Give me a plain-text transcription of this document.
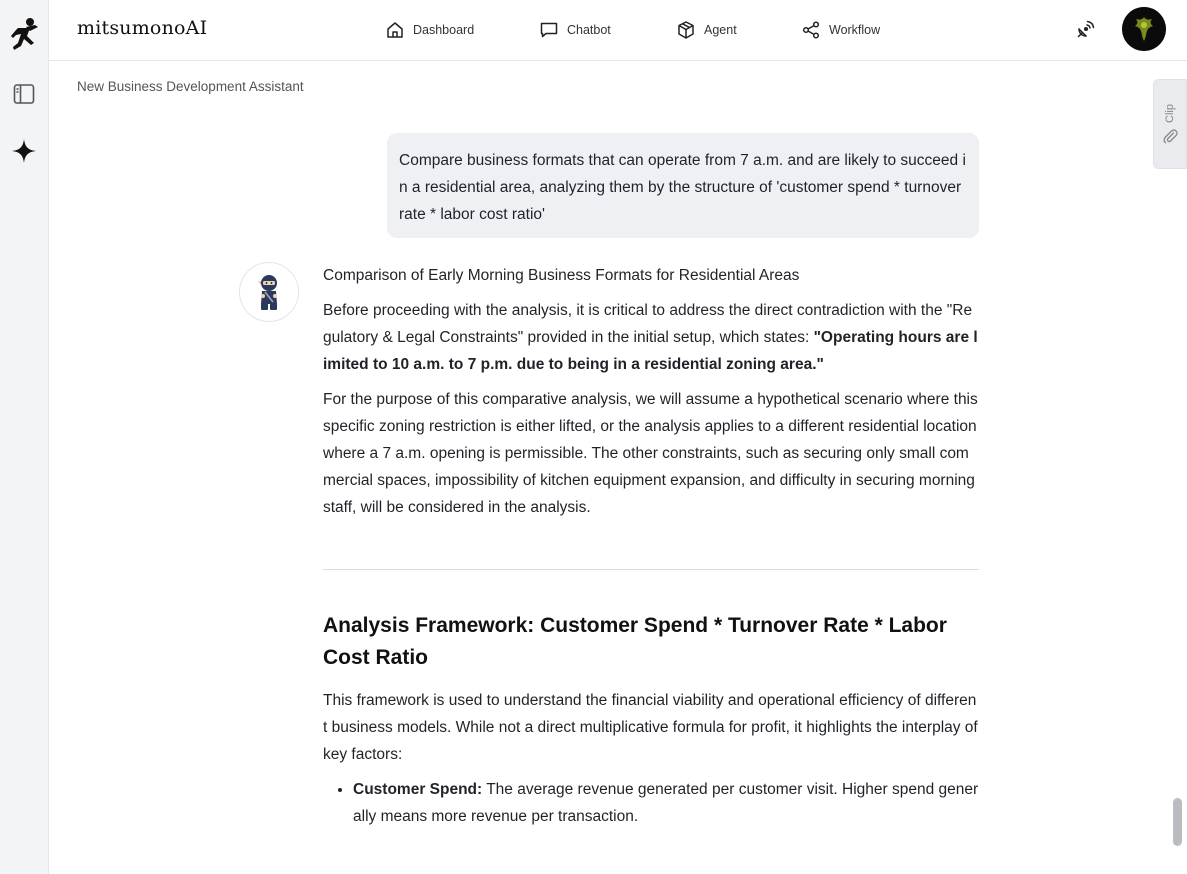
mitsumonoAI	Dashboard	Chatbot	Agent	Workflow
Clip
New Business Development Assistant
Compare business formats that can operate from 7 a.m. and are likely to succeed in a residential area, analyzing them by the structure of 'customer spend * turnover rate * labor cost ratio'

Comparison of Early Morning Business Formats for Residential Areas

Before proceeding with the analysis, it is critical to address the direct contradiction with the "Regulatory & Legal Constraints" provided in the initial setup, which states: "Operating hours are limited to 10 a.m. to 7 p.m. due to being in a residential zoning area."

For the purpose of this comparative analysis, we will assume a hypothetical scenario where this specific zoning restriction is either lifted, or the analysis applies to a different residential location where a 7 a.m. opening is permissible. The other constraints, such as securing only small commercial spaces, impossibility of kitchen equipment expansion, and difficulty in securing morning staff, will be considered in the analysis.

Analysis Framework: Customer Spend * Turnover Rate * Labor Cost Ratio

This framework is used to understand the financial viability and operational efficiency of different business models. While not a direct multiplicative formula for profit, it highlights the interplay of key factors:

• Customer Spend: The average revenue generated per customer visit. Higher spend generally means more revenue per transaction.
